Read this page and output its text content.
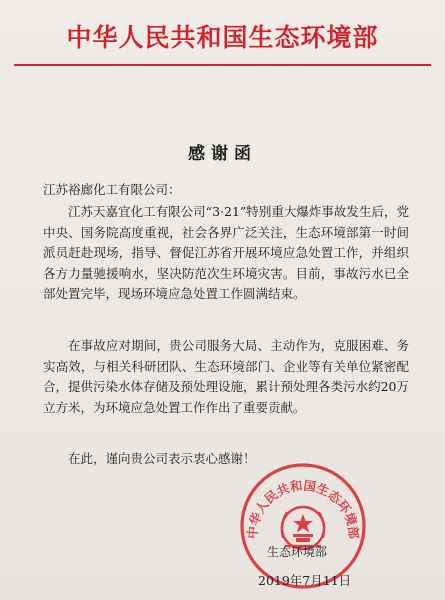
中华人民共和国生态环境部
感谢函
江苏裕廊化工有限公司：

江苏天嘉宜化工有限公司“3·21”特别重大爆炸事故发生后，党中央、国务院高度重视，社会各界广泛关注，生态环境部第一时间派员赶赴现场，指导、督促江苏省开展环境应急处置工作，并组织各方力量驰援响水，坚决防范次生环境灾害。目前，事故污水已全部处置完毕，现场环境应急处置工作圆满结束。

在事故应对期间，贵公司服务大局、主动作为，克服困难、务实高效，与相关科研团队、生态环境部门、企业等有关单位紧密配合，提供污染水体存储及预处理设施，累计预处理各类污水约20万立方米，为环境应急处置工作作出了重要贡献。

在此，谨向贵公司表示衷心感谢！

中华人民共和国生态环境部
生态环境部
2019年7月11日
